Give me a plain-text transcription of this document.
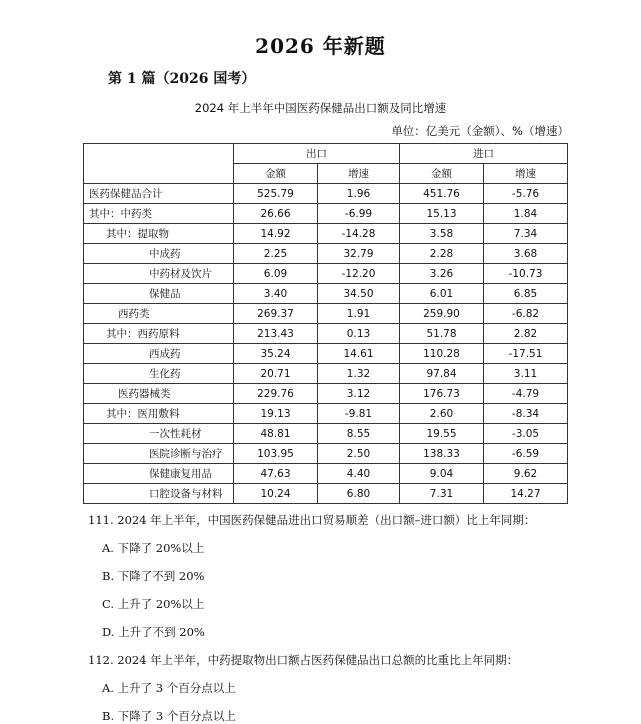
2026 年新题
第 1 篇（2026 国考）
2024 年上半年中国医药保健品出口额及同比增速
单位：亿美元（金额）、%（增速）
	出口		进口	
	金额	增速	金额	增速
医药保健品合计	525.79	1.96	451.76	-5.76
其中：中药类	26.66	-6.99	15.13	1.84
其中：提取物	14.92	-14.28	3.58	7.34
中成药	2.25	32.79	2.28	3.68
中药材及饮片	6.09	-12.20	3.26	-10.73
保健品	3.40	34.50	6.01	6.85
西药类	269.37	1.91	259.90	-6.82
其中：西药原料	213.43	0.13	51.78	2.82
西成药	35.24	14.61	110.28	-17.51
生化药	20.71	1.32	97.84	3.11
医药器械类	229.76	3.12	176.73	-4.79
其中：医用敷料	19.13	-9.81	2.60	-8.34
一次性耗材	48.81	8.55	19.55	-3.05
医院诊断与治疗	103.95	2.50	138.33	-6.59
保健康复用品	47.63	4.40	9.04	9.62
口腔设备与材料	10.24	6.80	7.31	14.27
111. 2024 年上半年，中国医药保健品进出口贸易顺差（出口额–进口额）比上年同期：
A. 下降了 20%以上
B. 下降了不到 20%
C. 上升了 20%以上
D. 上升了不到 20%
112. 2024 年上半年，中药提取物出口额占医药保健品出口总额的比重比上年同期：
A. 上升了 3 个百分点以上
B. 下降了 3 个百分点以上
